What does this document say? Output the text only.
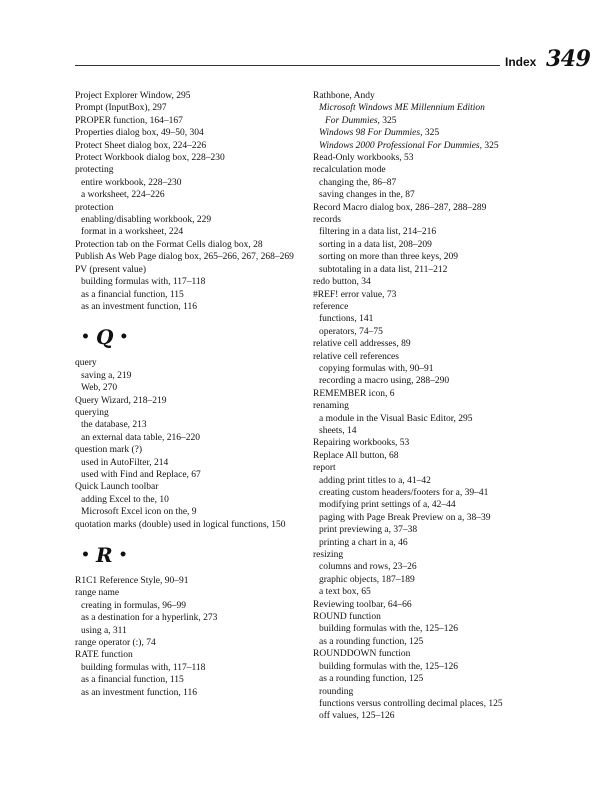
Index 349

Project Explorer Window, 295

Prompt (InputBox), 297

PROPER function, 164–167

Properties dialog box, 49–50, 304

Protect Sheet dialog box, 224–226

Protect Workbook dialog box, 228–230

protecting

entire workbook, 228–230

a worksheet, 224–226

protection

enabling/disabling workbook, 229

format in a worksheet, 224

Protection tab on the Format Cells dialog box, 28

Publish As Web Page dialog box, 265–266, 267, 268–269

PV (present value)

building formulas with, 117–118

as a financial function, 115

as an investment function, 116

• Q •

query

saving a, 219

Web, 270

Query Wizard, 218–219

querying

the database, 213

an external data table, 216–220

question mark (?)

used in AutoFilter, 214

used with Find and Replace, 67

Quick Launch toolbar

adding Excel to the, 10

Microsoft Excel icon on the, 9

quotation marks (double) used in logical functions, 150

• R •

R1C1 Reference Style, 90–91

range name

creating in formulas, 96–99

as a destination for a hyperlink, 273

using a, 311

range operator (:), 74

RATE function

building formulas with, 117–118

as a financial function, 115

as an investment function, 116

Rathbone, Andy

Microsoft Windows ME Millennium Edition

For Dummies, 325

Windows 98 For Dummies, 325

Windows 2000 Professional For Dummies, 325

Read-Only workbooks, 53

recalculation mode

changing the, 86–87

saving changes in the, 87

Record Macro dialog box, 286–287, 288–289

records

filtering in a data list, 214–216

sorting in a data list, 208–209

sorting on more than three keys, 209

subtotaling in a data list, 211–212

redo button, 34

#REF! error value, 73

reference

functions, 141

operators, 74–75

relative cell addresses, 89

relative cell references

copying formulas with, 90–91

recording a macro using, 288–290

REMEMBER icon, 6

renaming

a module in the Visual Basic Editor, 295

sheets, 14

Repairing workbooks, 53

Replace All button, 68

report

adding print titles to a, 41–42

creating custom headers/footers for a, 39–41

modifying print settings of a, 42–44

paging with Page Break Preview on a, 38–39

print previewing a, 37–38

printing a chart in a, 46

resizing

columns and rows, 23–26

graphic objects, 187–189

a text box, 65

Reviewing toolbar, 64–66

ROUND function

building formulas with the, 125–126

as a rounding function, 125

ROUNDDOWN function

building formulas with the, 125–126

as a rounding function, 125

rounding

functions versus controlling decimal places, 125

off values, 125–126
